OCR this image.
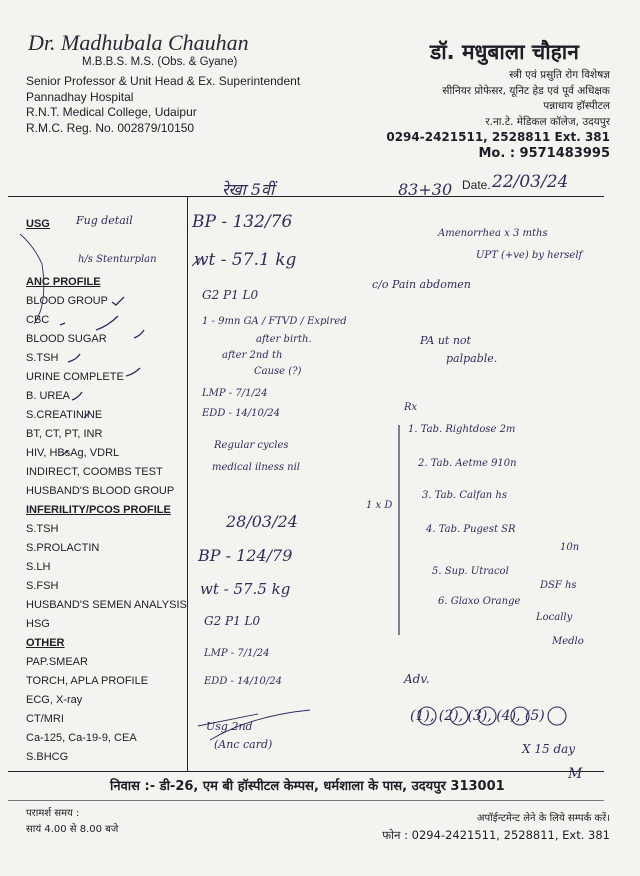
Dr. Madhubala Chauhan
M.B.B.S. M.S. (Obs. & Gyane)
Senior Professor & Unit Head & Ex. Superintendent
Pannadhay Hospital
R.N.T. Medical College, Udaipur
R.M.C. Reg. No. 002879/10150
डॉ. मधुबाला चौहान
स्त्री एवं प्रसुति रोग विशेषज्ञ
सीनियर प्रोफेसर, यूनिट हेड एवं पूर्व अधिक्षक
पन्नाधाय हॉस्पीटल
र.ना.टे. मेडिकल कॉलेज, उदयपुर
0294-2421511, 2528811 Ext. 381
Mo. : 9571483995
Date.
USG
ANC PROFILE
BLOOD GROUP
CBC
BLOOD SUGAR
S.TSH
URINE COMPLETE
B. UREA
S.CREATININE
BT, CT, PT, INR
HIV, HBsAg, VDRL
INDIRECT, COOMBS TEST
HUSBAND'S BLOOD GROUP
INFERILITY/PCOS PROFILE
S.TSH
S.PROLACTIN
S.LH
S.FSH
HUSBAND'S SEMEN ANALYSIS
HSG
OTHER
PAP.SMEAR
TORCH, APLA PROFILE
ECG, X-ray
CT/MRI
Ca-125, Ca-19-9, CEA
S.BHCG
रेखा 5वीं	83+30 22/03/24
Fug detail
h/s Stenturplan
BP - 132/76
wt - 57.1 kg
G2 P1 L0
1 - 9mn GA / FTVD / Expired
after birth.
after 2nd th
Cause (?)
LMP - 7/1/24
EDD - 14/10/24
Regular cycles
medical ilness nil
28/03/24
BP - 124/79
wt - 57.5 kg
G2 P1 L0
LMP - 7/1/24
EDD - 14/10/24
Usg 2nd
(Anc card)
1 x D
Amenorrhea x 3 mths
UPT (+ve) by herself
c/o Pain abdomen
PA ut not
palpable.
Rx
1. Tab. Rightdose 2m
2. Tab. Aetme 910n
3. Tab. Calfan hs
4. Tab. Pugest SR
10n
5. Sup. Utracol
DSF hs
6. Glaxo Orange
Locally
Medlo
Adv.
(1), (2), (3), (4), (5)
X 15 day
M
निवास :- डी-26, एम बी हॉस्पीटल केम्पस, धर्मशाला के पास, उदयपुर 313001
परामर्श समय :
सायं 4.00 से 8.00 बजे
अपॉईन्टमेन्ट लेने के लिये सम्पर्क करें।
फोन : 0294-2421511, 2528811, Ext. 381
